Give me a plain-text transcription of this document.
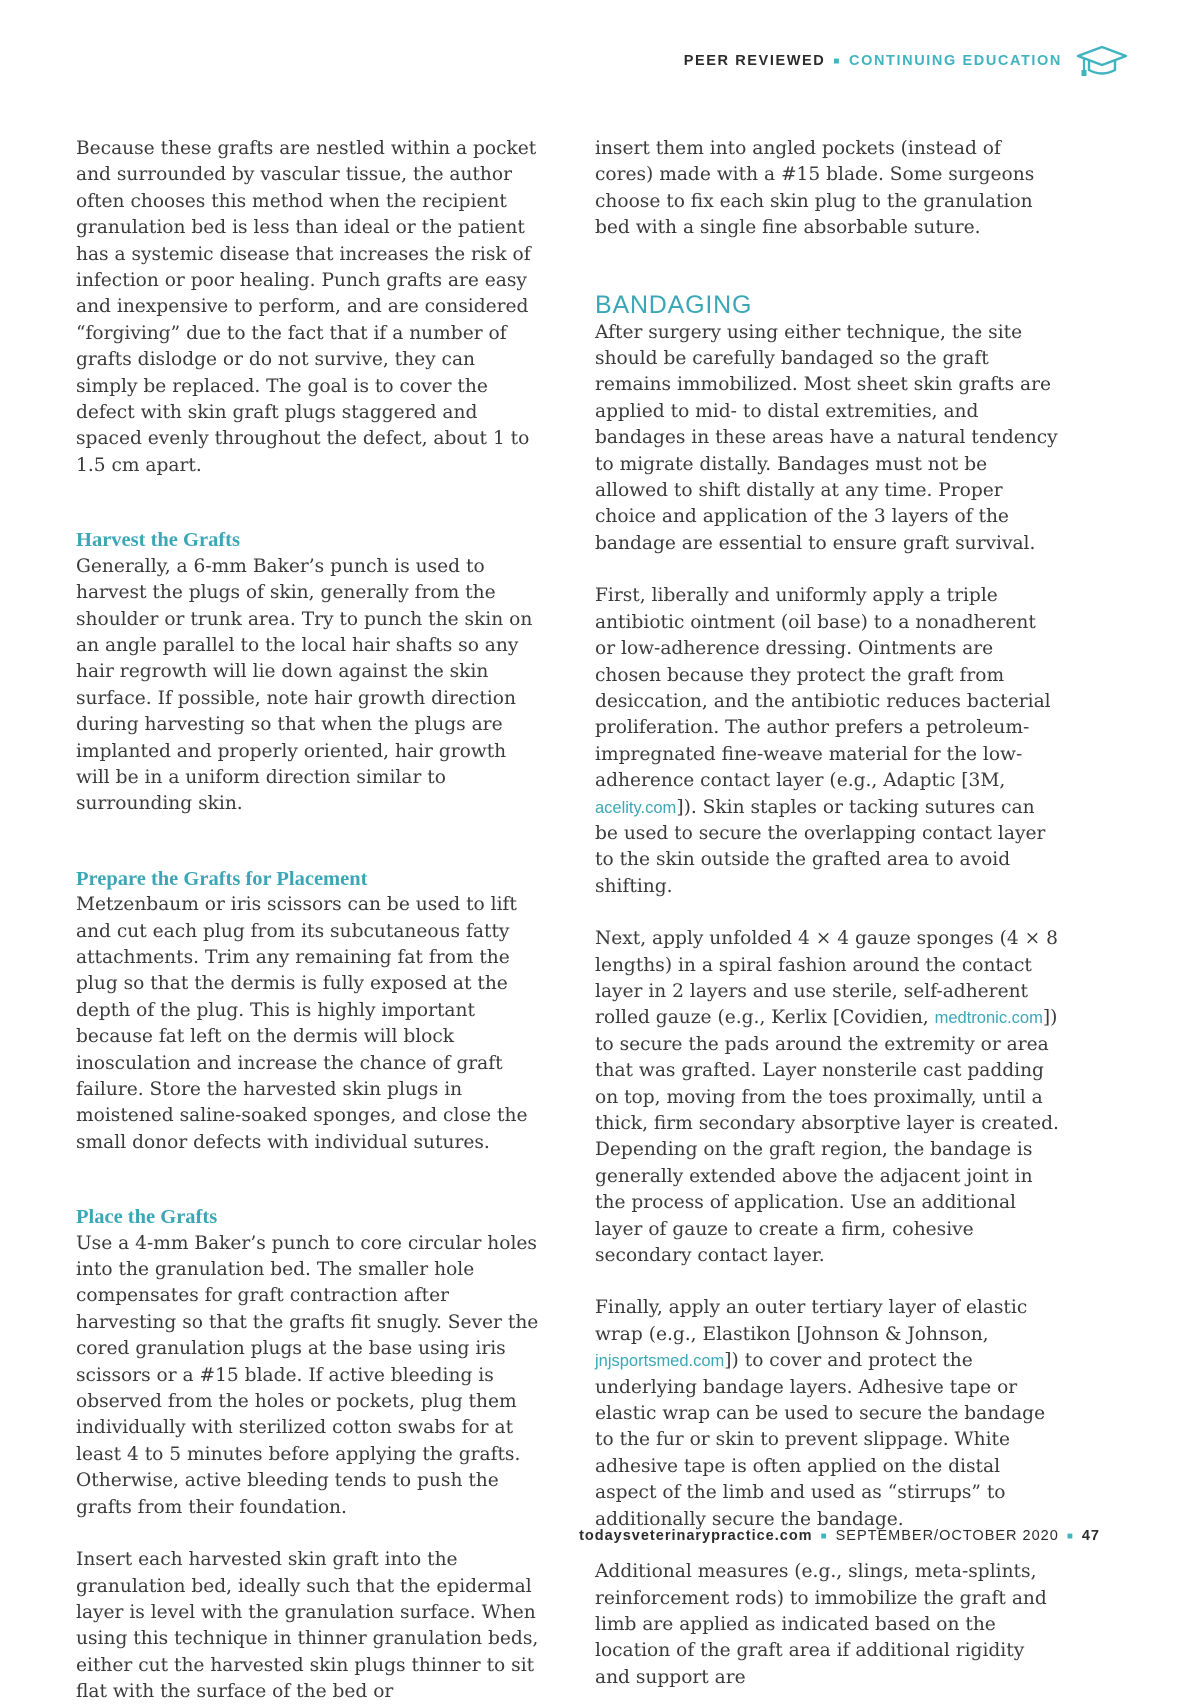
PEER REVIEWED ■ CONTINUING EDUCATION

Because these grafts are nestled within a pocket and surrounded by vascular tissue, the author often chooses this method when the recipient granulation bed is less than ideal or the patient has a systemic disease that increases the risk of infection or poor healing. Punch grafts are easy and inexpensive to perform, and are considered “forgiving” due to the fact that if a number of grafts dislodge or do not survive, they can simply be replaced. The goal is to cover the defect with skin graft plugs staggered and spaced evenly throughout the defect, about 1 to 1.5 cm apart.

Harvest the Grafts

Generally, a 6-mm Baker’s punch is used to harvest the plugs of skin, generally from the shoulder or trunk area. Try to punch the skin on an angle parallel to the local hair shafts so any hair regrowth will lie down against the skin surface. If possible, note hair growth direction during harvesting so that when the plugs are implanted and properly oriented, hair growth will be in a uniform direction similar to surrounding skin.

Prepare the Grafts for Placement

Metzenbaum or iris scissors can be used to lift and cut each plug from its subcutaneous fatty attachments. Trim any remaining fat from the plug so that the dermis is fully exposed at the depth of the plug. This is highly important because fat left on the dermis will block inosculation and increase the chance of graft failure. Store the harvested skin plugs in moistened saline-soaked sponges, and close the small donor defects with individual sutures.

Place the Grafts

Use a 4-mm Baker’s punch to core circular holes into the granulation bed. The smaller hole compensates for graft contraction after harvesting so that the grafts fit snugly. Sever the cored granulation plugs at the base using iris scissors or a #15 blade. If active bleeding is observed from the holes or pockets, plug them individually with sterilized cotton swabs for at least 4 to 5 minutes before applying the grafts. Otherwise, active bleeding tends to push the grafts from their foundation.

Insert each harvested skin graft into the granulation bed, ideally such that the epidermal layer is level with the granulation surface. When using this technique in thinner granulation beds, either cut the harvested skin plugs thinner to sit flat with the surface of the bed or

insert them into angled pockets (instead of cores) made with a #15 blade. Some surgeons choose to fix each skin plug to the granulation bed with a single fine absorbable suture.

BANDAGING

After surgery using either technique, the site should be carefully bandaged so the graft remains immobilized. Most sheet skin grafts are applied to mid- to distal extremities, and bandages in these areas have a natural tendency to migrate distally. Bandages must not be allowed to shift distally at any time. Proper choice and application of the 3 layers of the bandage are essential to ensure graft survival.

First, liberally and uniformly apply a triple antibiotic ointment (oil base) to a nonadherent or low-adherence dressing. Ointments are chosen because they protect the graft from desiccation, and the antibiotic reduces bacterial proliferation. The author prefers a petroleum-impregnated fine-weave material for the low-adherence contact layer (e.g., Adaptic [3M, acelity.com]). Skin staples or tacking sutures can be used to secure the overlapping contact layer to the skin outside the grafted area to avoid shifting.

Next, apply unfolded 4 × 4 gauze sponges (4 × 8 lengths) in a spiral fashion around the contact layer in 2 layers and use sterile, self-adherent rolled gauze (e.g., Kerlix [Covidien, medtronic.com]) to secure the pads around the extremity or area that was grafted. Layer nonsterile cast padding on top, moving from the toes proximally, until a thick, firm secondary absorptive layer is created. Depending on the graft region, the bandage is generally extended above the adjacent joint in the process of application. Use an additional layer of gauze to create a firm, cohesive secondary contact layer.

Finally, apply an outer tertiary layer of elastic wrap (e.g., Elastikon [Johnson & Johnson, jnjsportsmed.com]) to cover and protect the underlying bandage layers. Adhesive tape or elastic wrap can be used to secure the bandage to the fur or skin to prevent slippage. White adhesive tape is often applied on the distal aspect of the limb and used as “stirrups” to additionally secure the bandage.

Additional measures (e.g., slings, meta-splints, reinforcement rods) to immobilize the graft and limb are applied as indicated based on the location of the graft area if additional rigidity and support are

todaysveterinarypractice.com ■ SEPTEMBER/OCTOBER 2020 ■ 47
